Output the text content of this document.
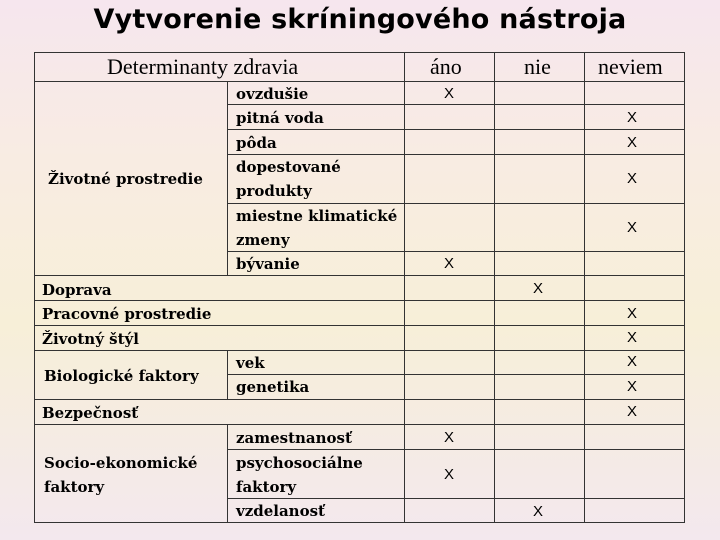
Vytvorenie skríningového nástroja
Determinanty zdravia	áno	nie neviem
Životné prostredie
Doprava
Pracovné prostredie
Životný štýl
Biologické faktory
Bezpečnosť
Socio-ekonomické
faktory
ovzdušie
pitná voda
pôda
dopestované
produkty
miestne klimatické
zmeny
bývanie
vek
genetika
zamestnanosť
psychosociálne
faktory
vzdelanosť
X
X
X
X
X
X
X
X
X
X
X
X
X
X
X
